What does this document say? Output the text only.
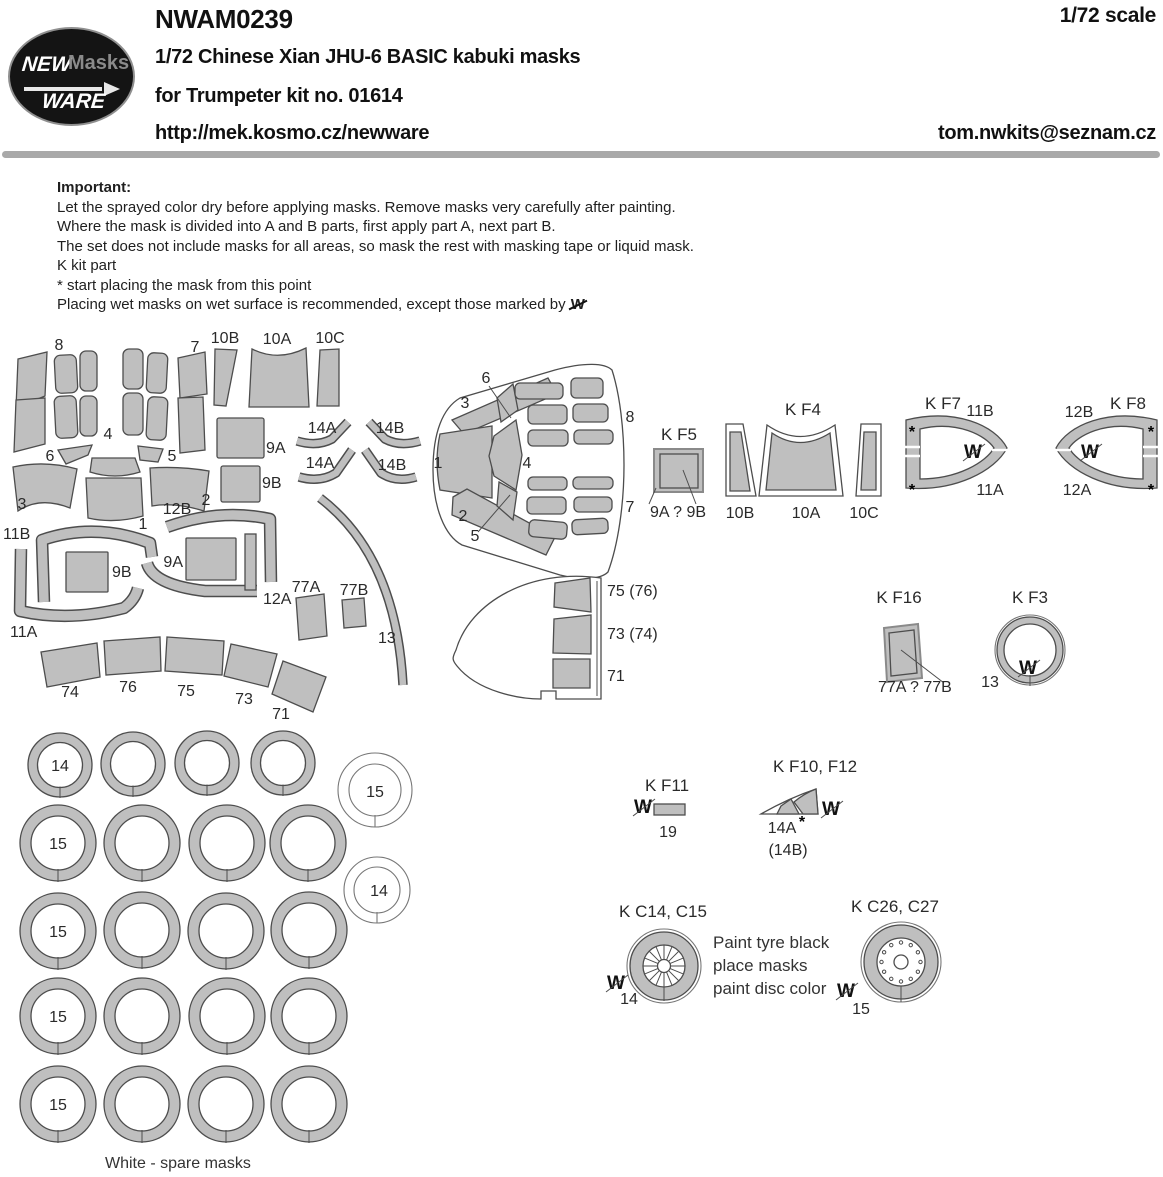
NEW
Masks
WARE
NWAM0239	1/72 scale
1/72 Chinese Xian JHU-6 BASIC kabuki masks
for Trumpeter kit no. 01614
http://mek.kosmo.cz/newware	tom.nwkits@seznam.cz
Important:
Let the sprayed color dry before applying masks. Remove masks very carefully after painting.
Where the mask is divided into A and B parts, first apply part A, next part B.
The set does not include masks for all areas, so mask the rest with masking tape or liquid mask.
K kit part
* start placing the mask from this point
Placing wet masks on wet surface is recommended, except those marked by W
8	7
4
6	5
3	2
12B
1
10B 10A 10C
9A
9B
14A 14B
14A	14B
11B
9B
9A
12A
11A
77A 77B
13
74	76	75	73
71
6
3
8
1	4
2
5
7
K F5
9A ? 9B
K F4
10B 10A 10C
K F7 11B
*
*
W
11A
12B K F8
*
*
W
12A
75 (76)
73 (74)
71
K F16
77A ? 77B
K F3
W
13
K F11
W
19
K F10, F12
W
14A *
(14B)
K C14, C15
W
14
Paint tyre black
place masks
paint disc color
K C26, C27
W
15
14
15
15
14
15
15
15
White - spare masks
